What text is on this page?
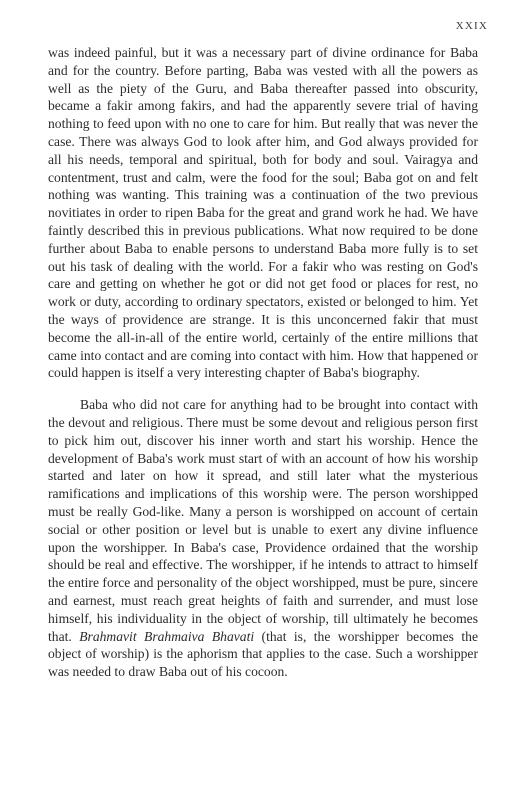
XXIX

was indeed painful, but it was a necessary part of divine ordinance for Baba and for the country. Before parting, Baba was vested with all the powers as well as the piety of the Guru, and Baba thereafter passed into obscurity, became a fakir among fakirs, and had the apparently severe trial of having nothing to feed upon with no one to care for him. But really that was never the case. There was always God to look after him, and God always provided for all his needs, temporal and spiritual, both for body and soul. Vairagya and contentment, trust and calm, were the food for the soul; Baba got on and felt nothing was wanting. This training was a continuation of the two previous novitiates in order to ripen Baba for the great and grand work he had. We have faintly described this in previous publications. What now required to be done further about Baba to enable persons to understand Baba more fully is to set out his task of dealing with the world. For a fakir who was resting on God's care and getting on whether he got or did not get food or places for rest, no work or duty, according to ordinary spectators, existed or belonged to him. Yet the ways of providence are strange. It is this unconcerned fakir that must become the all-in-all of the entire world, certainly of the entire millions that came into contact and are coming into contact with him. How that happened or could happen is itself a very interesting chapter of Baba's biography.

Baba who did not care for anything had to be brought into contact with the devout and religious. There must be some devout and religious person first to pick him out, discover his inner worth and start his worship. Hence the development of Baba's work must start of with an account of how his worship started and later on how it spread, and still later what the mysterious ramifications and implications of this worship were. The person worshipped must be really God-like. Many a person is worshipped on account of certain social or other position or level but is unable to exert any divine influence upon the worshipper. In Baba's case, Providence ordained that the worship should be real and effective. The worshipper, if he intends to attract to himself the entire force and personality of the object worshipped, must be pure, sincere and earnest, must reach great heights of faith and surrender, and must lose himself, his individuality in the object of worship, till ultimately he becomes that. Brahmavit Brahmaiva Bhavati (that is, the worshipper becomes the object of worship) is the aphorism that applies to the case. Such a worshipper was needed to draw Baba out of his cocoon.
